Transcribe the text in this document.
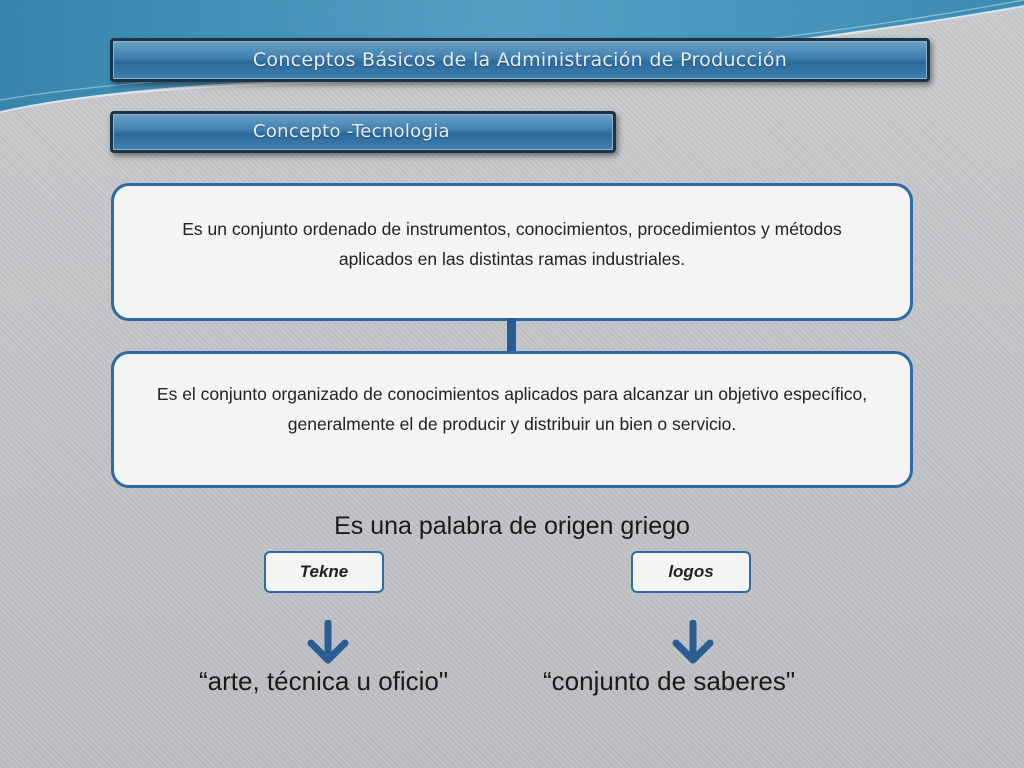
Conceptos Básicos de la Administración de Producción
Concepto -Tecnologia
Es un conjunto ordenado de instrumentos, conocimientos, procedimientos y métodos aplicados en las distintas ramas industriales.
Es el conjunto organizado de conocimientos aplicados para alcanzar un objetivo específico, generalmente el de producir y distribuir un bien o servicio.
Es una palabra de origen griego
Tekne	logos
“arte, técnica u oficio"	“conjunto de saberes"
